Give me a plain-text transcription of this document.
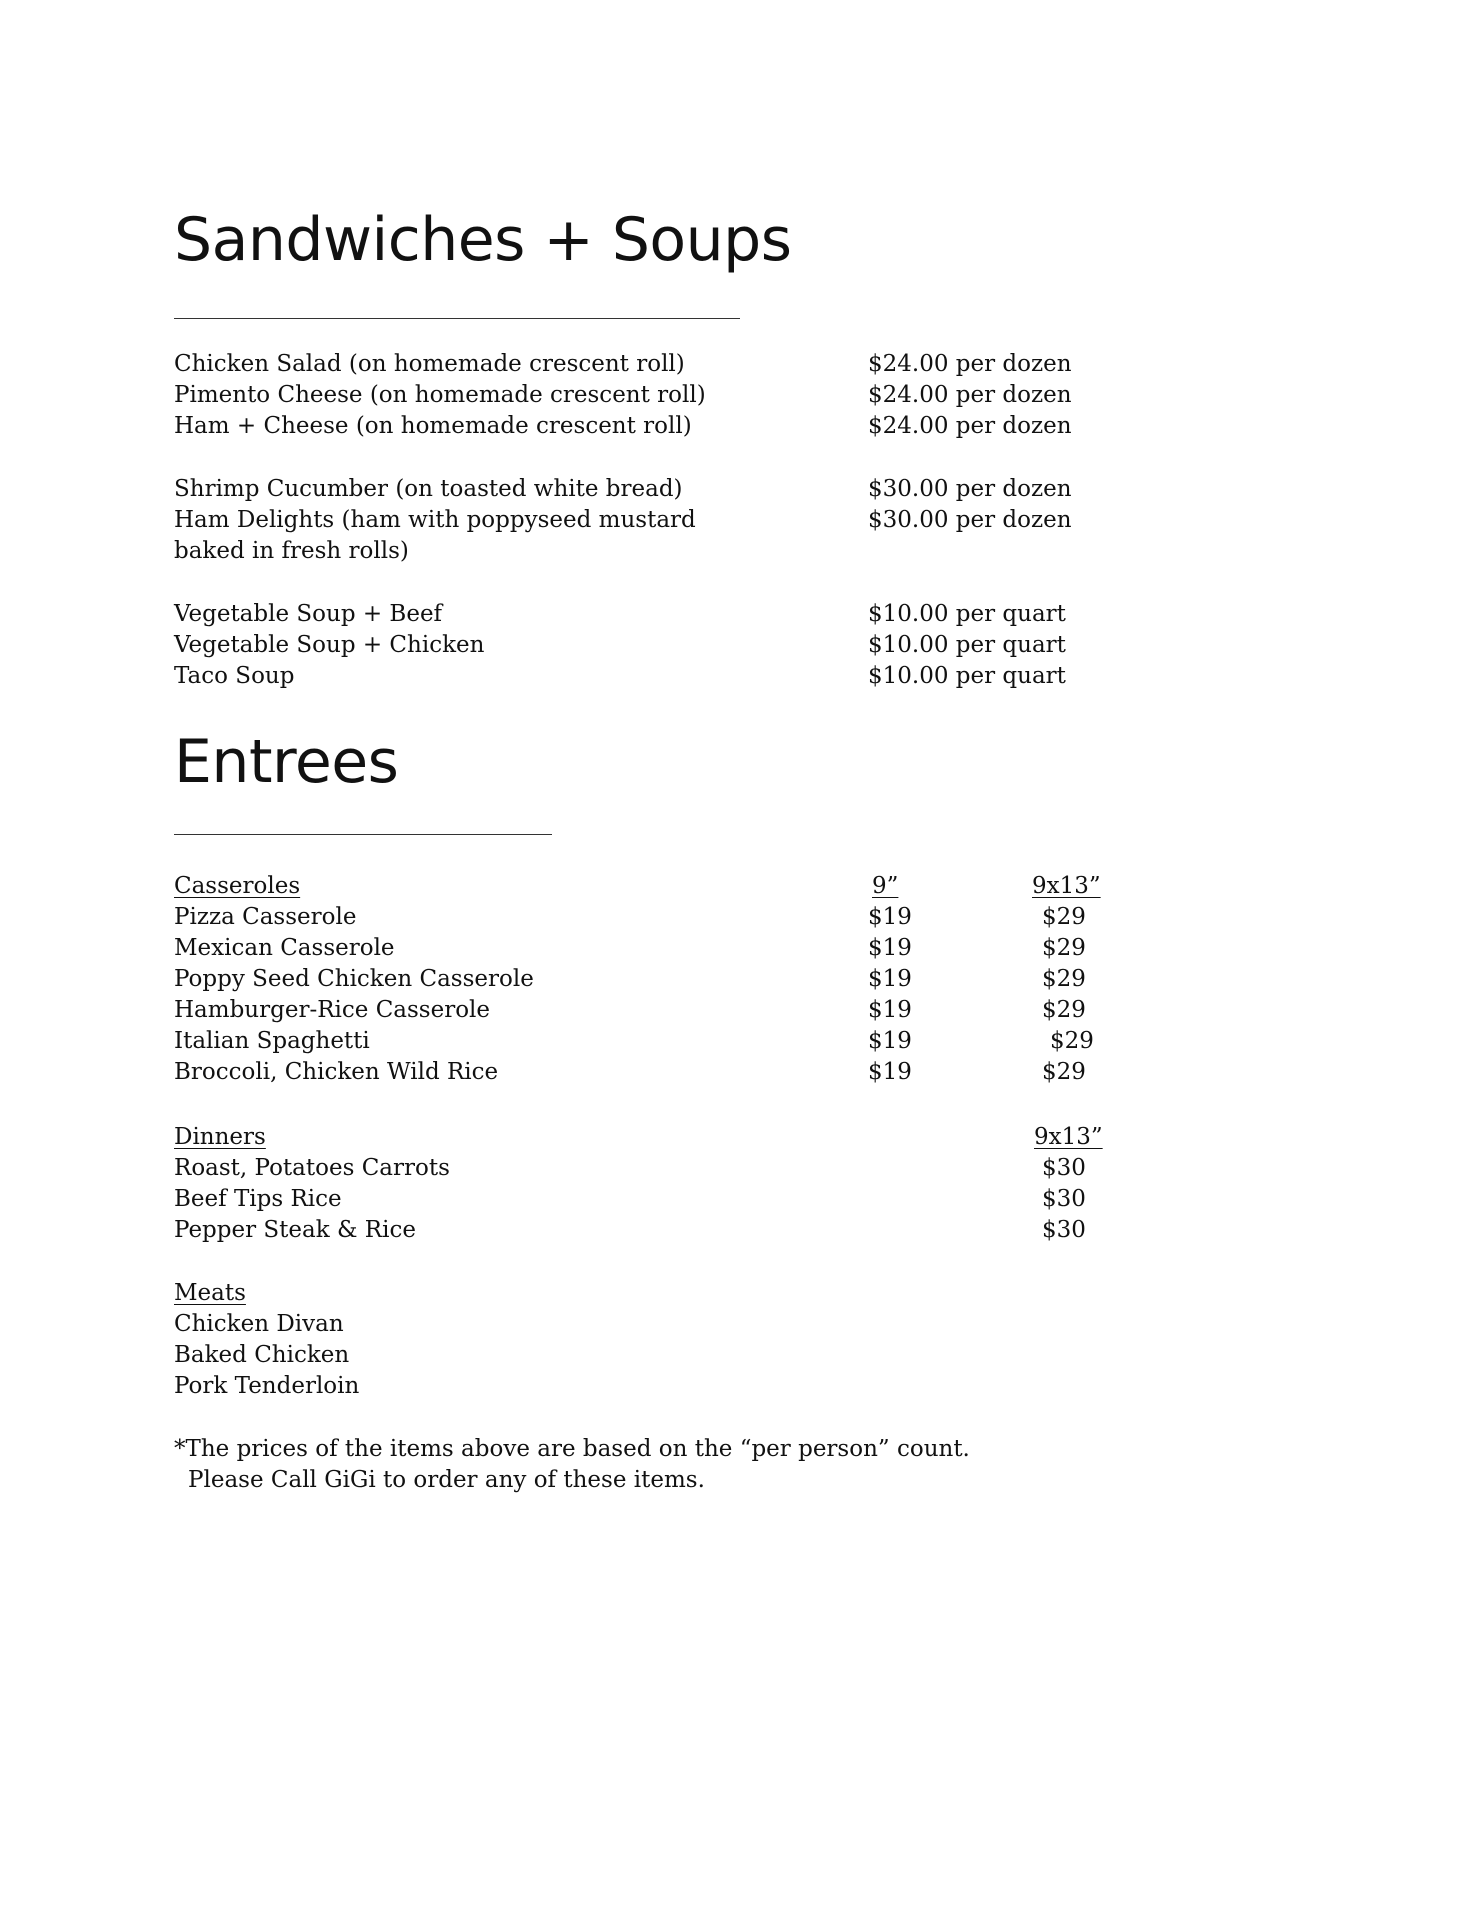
Sandwiches + Soups
Chicken Salad (on homemade crescent roll)	$24.00 per dozen
Pimento Cheese (on homemade crescent roll)	$24.00 per dozen
Ham + Cheese (on homemade crescent roll)	$24.00 per dozen
Shrimp Cucumber (on toasted white bread)	$30.00 per dozen
Ham Delights (ham with poppyseed mustard	$30.00 per dozen
baked in fresh rolls)
Vegetable Soup + Beef	$10.00 per quart
Vegetable Soup + Chicken	$10.00 per quart
Taco Soup	$10.00 per quart
Entrees
Casseroles	9”	9x13”
Pizza Casserole	$19	$29
Mexican Casserole	$19	$29
Poppy Seed Chicken Casserole	$19	$29
Hamburger-Rice Casserole	$19	$29
Italian Spaghetti	$19	$29
Broccoli, Chicken Wild Rice	$19	$29
Dinners	9x13”
Roast, Potatoes Carrots	$30
Beef Tips Rice	$30
Pepper Steak & Rice	$30
Meats
Chicken Divan
Baked Chicken
Pork Tenderloin
*The prices of the items above are based on the “per person” count.
Please Call GiGi to order any of these items.
